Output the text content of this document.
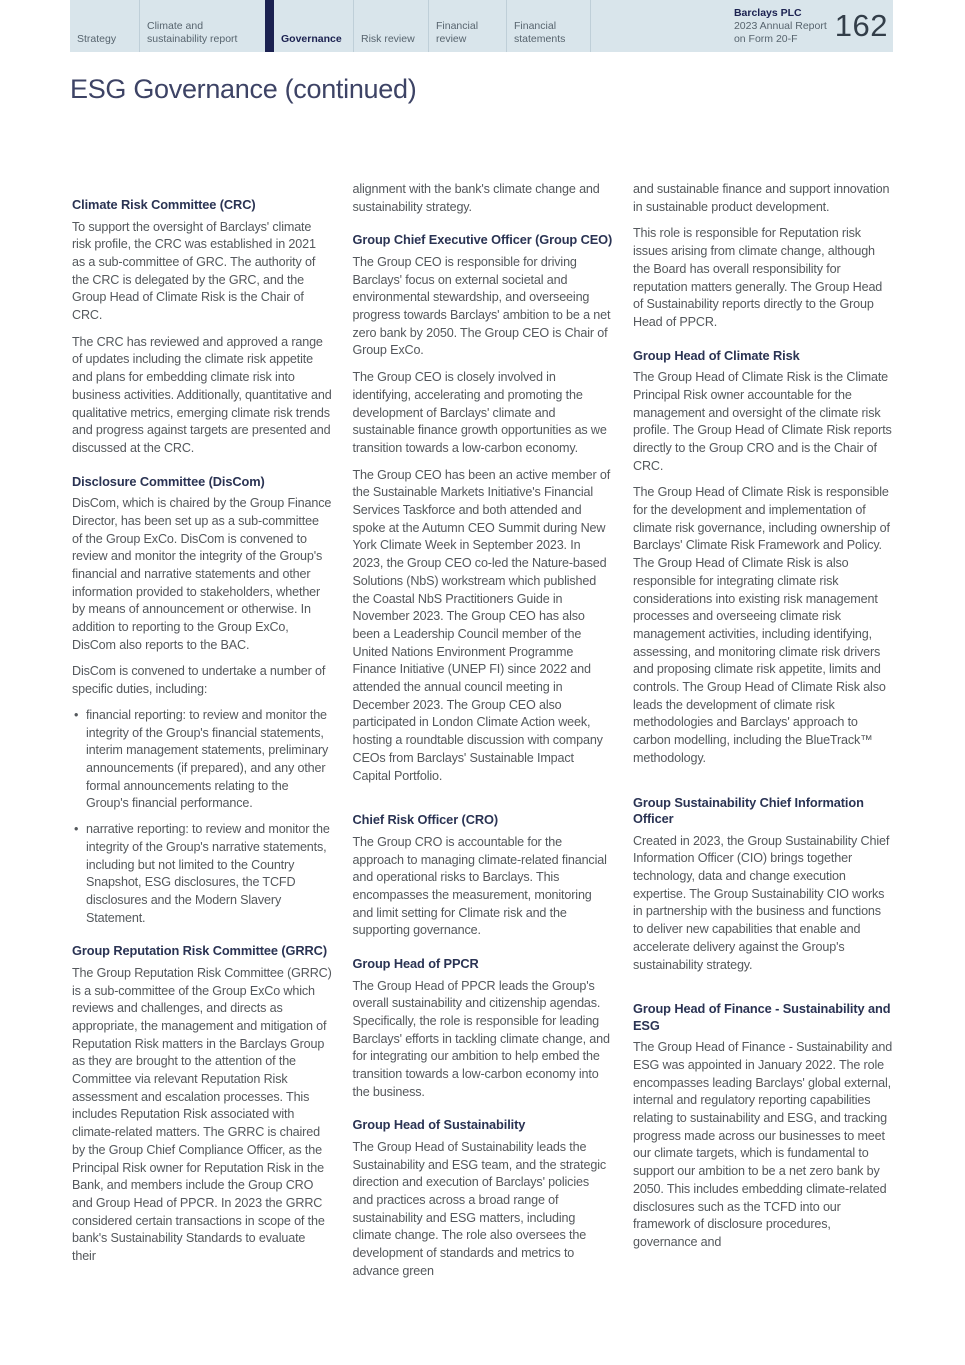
Strategy
Climate and sustainability report	Governance Risk review
Financial review
Financial statements
Barclays PLC
2023 Annual Report
on Form 20-F	162
ESG Governance (continued)
Climate Risk Committee (CRC)

To support the oversight of Barclays' climate risk profile, the CRC was established in 2021 as a sub-committee of GRC. The authority of the CRC is delegated by the GRC, and the Group Head of Climate Risk is the Chair of CRC.

The CRC has reviewed and approved a range of updates including the climate risk appetite and plans for embedding climate risk into business activities. Additionally, quantitative and qualitative metrics, emerging climate risk trends and progress against targets are presented and discussed at the CRC.

Disclosure Committee (DisCom)

DisCom, which is chaired by the Group Finance Director, has been set up as a sub-committee of the Group ExCo. DisCom is convened to review and monitor the integrity of the Group's financial and narrative statements and other information provided to stakeholders, whether by means of announcement or otherwise. In addition to reporting to the Group ExCo, DisCom also reports to the BAC.

DisCom is convened to undertake a number of specific duties, including:

• financial reporting: to review and monitor the integrity of the Group's financial statements, interim management statements, preliminary announcements (if prepared), and any other formal announcements relating to the Group's financial performance.
• narrative reporting: to review and monitor the integrity of the Group's narrative statements, including but not limited to the Country Snapshot, ESG disclosures, the TCFD disclosures and the Modern Slavery Statement.
Group Reputation Risk Committee (GRRC)

The Group Reputation Risk Committee (GRRC) is a sub-committee of the Group ExCo which reviews and challenges, and directs as appropriate, the management and mitigation of Reputation Risk matters in the Barclays Group as they are brought to the attention of the Committee via relevant Reputation Risk assessment and escalation processes. This includes Reputation Risk associated with climate-related matters. The GRRC is chaired by the Group Chief Compliance Officer, as the Principal Risk owner for Reputation Risk in the Bank, and members include the Group CRO and Group Head of PPCR. In 2023 the GRRC considered certain transactions in scope of the bank's Sustainability Standards to evaluate their

alignment with the bank's climate change and sustainability strategy.

Group Chief Executive Officer (Group CEO)

The Group CEO is responsible for driving Barclays' focus on external societal and environmental stewardship, and overseeing progress towards Barclays' ambition to be a net zero bank by 2050. The Group CEO is Chair of Group ExCo.

The Group CEO is closely involved in identifying, accelerating and promoting the development of Barclays' climate and sustainable finance growth opportunities as we transition towards a low-carbon economy.

The Group CEO has been an active member of the Sustainable Markets Initiative's Financial Services Taskforce and both attended and spoke at the Autumn CEO Summit during New York Climate Week in September 2023. In 2023, the Group CEO co-led the Nature-based Solutions (NbS) workstream which published the Coastal NbS Practitioners Guide in November 2023. The Group CEO has also been a Leadership Council member of the United Nations Environment Programme Finance Initiative (UNEP FI) since 2022 and attended the annual council meeting in December 2023. The Group CEO also participated in London Climate Action week, hosting a roundtable discussion with company CEOs from Barclays' Sustainable Impact Capital Portfolio.

Chief Risk Officer (CRO)

The Group CRO is accountable for the approach to managing climate-related financial and operational risks to Barclays. This encompasses the measurement, monitoring and limit setting for Climate risk and the supporting governance.

Group Head of PPCR

The Group Head of PPCR leads the Group's overall sustainability and citizenship agendas. Specifically, the role is responsible for leading Barclays' efforts in tackling climate change, and for integrating our ambition to help embed the transition towards a low-carbon economy into the business.

Group Head of Sustainability

The Group Head of Sustainability leads the Sustainability and ESG team, and the strategic direction and execution of Barclays' policies and practices across a broad range of sustainability and ESG matters, including climate change. The role also oversees the development of standards and metrics to advance green

and sustainable finance and support innovation in sustainable product development.

This role is responsible for Reputation risk issues arising from climate change, although the Board has overall responsibility for reputation matters generally. The Group Head of Sustainability reports directly to the Group Head of PPCR.

Group Head of Climate Risk

The Group Head of Climate Risk is the Climate Principal Risk owner accountable for the management and oversight of the climate risk profile. The Group Head of Climate Risk reports directly to the Group CRO and is the Chair of CRC.

The Group Head of Climate Risk is responsible for the development and implementation of climate risk governance, including ownership of Barclays' Climate Risk Framework and Policy. The Group Head of Climate Risk is also responsible for integrating climate risk considerations into existing risk management processes and overseeing climate risk management activities, including identifying, assessing, and monitoring climate risk drivers and proposing climate risk appetite, limits and controls. The Group Head of Climate Risk also leads the development of climate risk methodologies and Barclays' approach to carbon modelling, including the BlueTrack™ methodology.

Group Sustainability Chief Information Officer

Created in 2023, the Group Sustainability Chief Information Officer (CIO) brings together technology, data and change execution expertise. The Group Sustainability CIO works in partnership with the business and functions to deliver new capabilities that enable and accelerate delivery against the Group's sustainability strategy.

Group Head of Finance - Sustainability and ESG

The Group Head of Finance - Sustainability and ESG was appointed in January 2022. The role encompasses leading Barclays' global external, internal and regulatory reporting capabilities relating to sustainability and ESG, and tracking progress made across our businesses to meet our climate targets, which is fundamental to support our ambition to be a net zero bank by 2050. This includes embedding climate-related disclosures such as the TCFD into our framework of disclosure procedures, governance and
